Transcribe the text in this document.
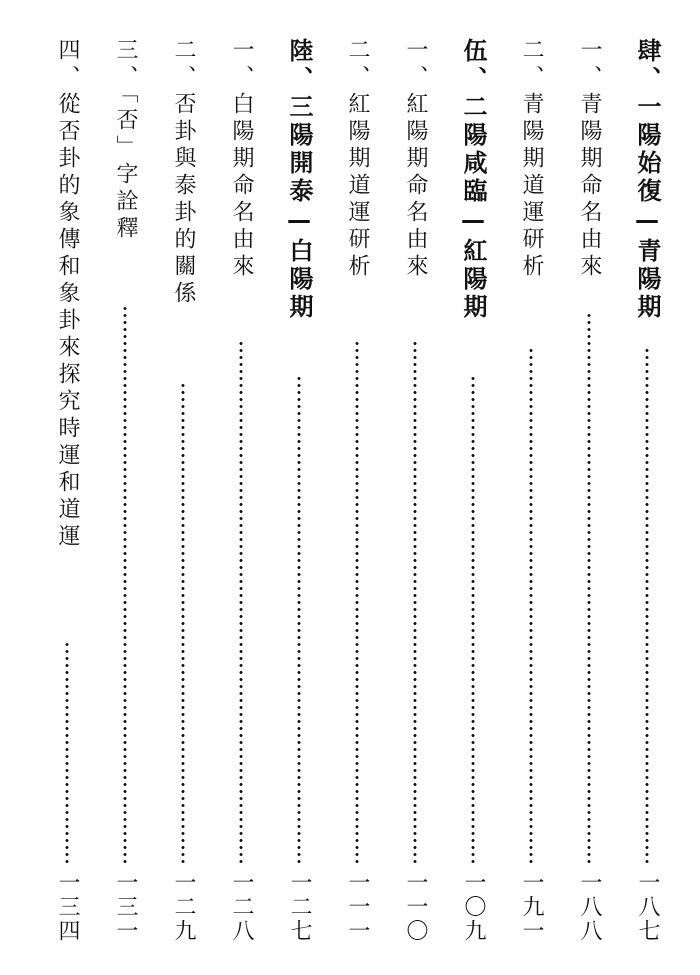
肆、一陽始復—青陽期
一八七
一、青陽期命名由來
一八八
二、青陽期道運研析
一九一
伍、二陽咸臨—紅陽期
一〇九
一、紅陽期命名由來
一一〇
二、紅陽期道運研析
一一一
陸、三陽開泰—白陽期
一二七
一、白陽期命名由來
一二八
二、否卦與泰卦的關係
一二九
三、「否」字詮釋
一三一
四、從否卦的象傳和象卦來探究時運和道運
一三四
